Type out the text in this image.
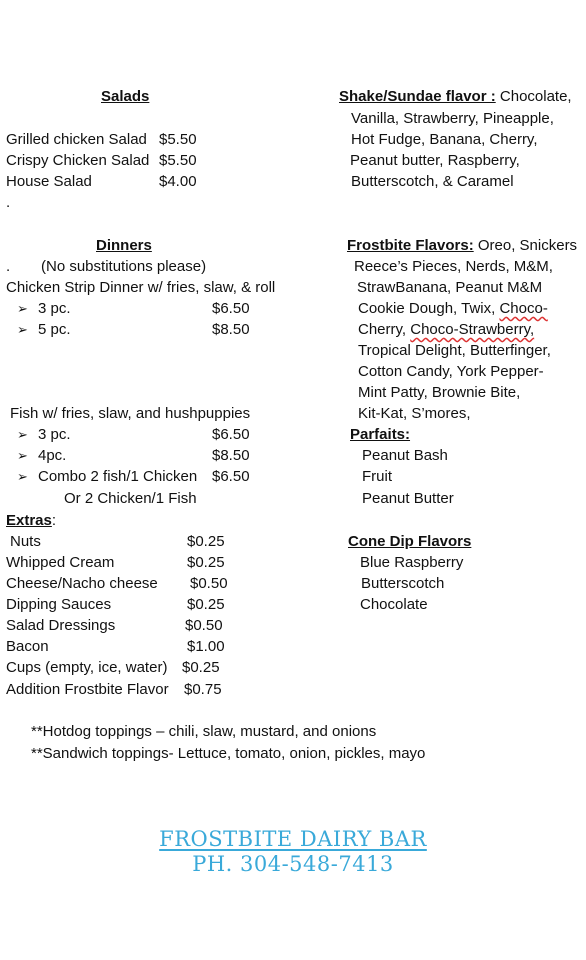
Salads
Grilled chicken Salad $5.50
Crispy Chicken Salad $5.50
House Salad	$4.00
.
Dinners
. (No substitutions please)
Chicken Strip Dinner w/ fries, slaw, & roll
➢ 3 pc.	$6.50
➢ 5 pc.	$8.50
Fish w/ fries, slaw, and hushpuppies
➢ 3 pc.	$6.50
➢ 4pc.	$8.50
➢ Combo 2 fish/1 Chicken $6.50
Or 2 Chicken/1 Fish
Extras:
Nuts	$0.25
Whipped Cream	$0.25
Cheese/Nacho cheese $0.50
Dipping Sauces	$0.25
Salad Dressings	$0.50
Bacon	$1.00
Cups (empty, ice, water) $0.25
Addition Frostbite Flavor $0.75
**Hotdog toppings – chili, slaw, mustard, and onions
**Sandwich toppings- Lettuce, tomato, onion, pickles, mayo
Shake/Sundae flavor : Chocolate,
Vanilla, Strawberry, Pineapple,
Hot Fudge, Banana, Cherry,
Peanut butter, Raspberry,
Butterscotch, & Caramel
Frostbite Flavors: Oreo, Snickers
Reece’s Pieces, Nerds, M&M,
StrawBanana, Peanut M&M
Cookie Dough, Twix, Choco-
Cherry, Choco-Strawberry,
Tropical Delight, Butterfinger,
Cotton Candy, York Pepper-
Mint Patty, Brownie Bite,
Kit-Kat, S’mores,
Parfaits:
Peanut Bash
Fruit
Peanut Butter
Cone Dip Flavors
Blue Raspberry
Butterscotch
Chocolate
FROSTBITE DAIRY BAR
PH. 304-548-7413
